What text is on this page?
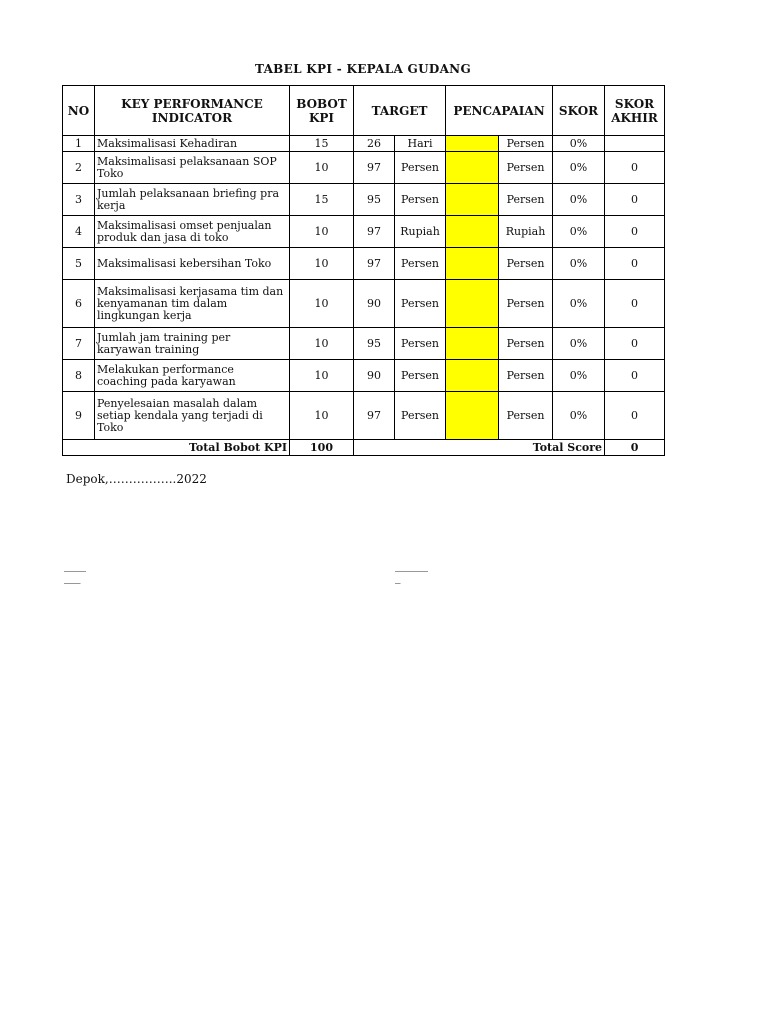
TABEL KPI - KEPALA GUDANG
NO	KEY PERFORMANCE INDICATOR	BOBOT KPI	TARGET		PENCAPAIAN		SKOR	SKOR AKHIR
1	Maksimalisasi Kehadiran	15	26	Hari		Persen	0%	
2	Maksimalisasi pelaksanaan SOP Toko	10	97	Persen		Persen	0%	0
3	Jumlah pelaksanaan briefing pra kerja	15	95	Persen		Persen	0%	0
4	Maksimalisasi omset penjualan produk dan jasa di toko	10	97	Rupiah		Rupiah	0%	0
5	Maksimalisasi kebersihan Toko	10	97	Persen		Persen	0%	0
6	Maksimalisasi kerjasama tim dan kenyamanan tim dalam lingkungan kerja	10	90	Persen		Persen	0%	0
7	Jumlah jam training per karyawan training	10	95	Persen		Persen	0%	0
8	Melakukan performance coaching pada karyawan	10	90	Persen		Persen	0%	0
9	Penyelesaian masalah dalam setiap kendala yang terjadi di Toko	10	97	Persen		Persen	0%	0
Total Bobot KPI		100	Total Score					0
Depok,……………..2022
____
___
______
_
